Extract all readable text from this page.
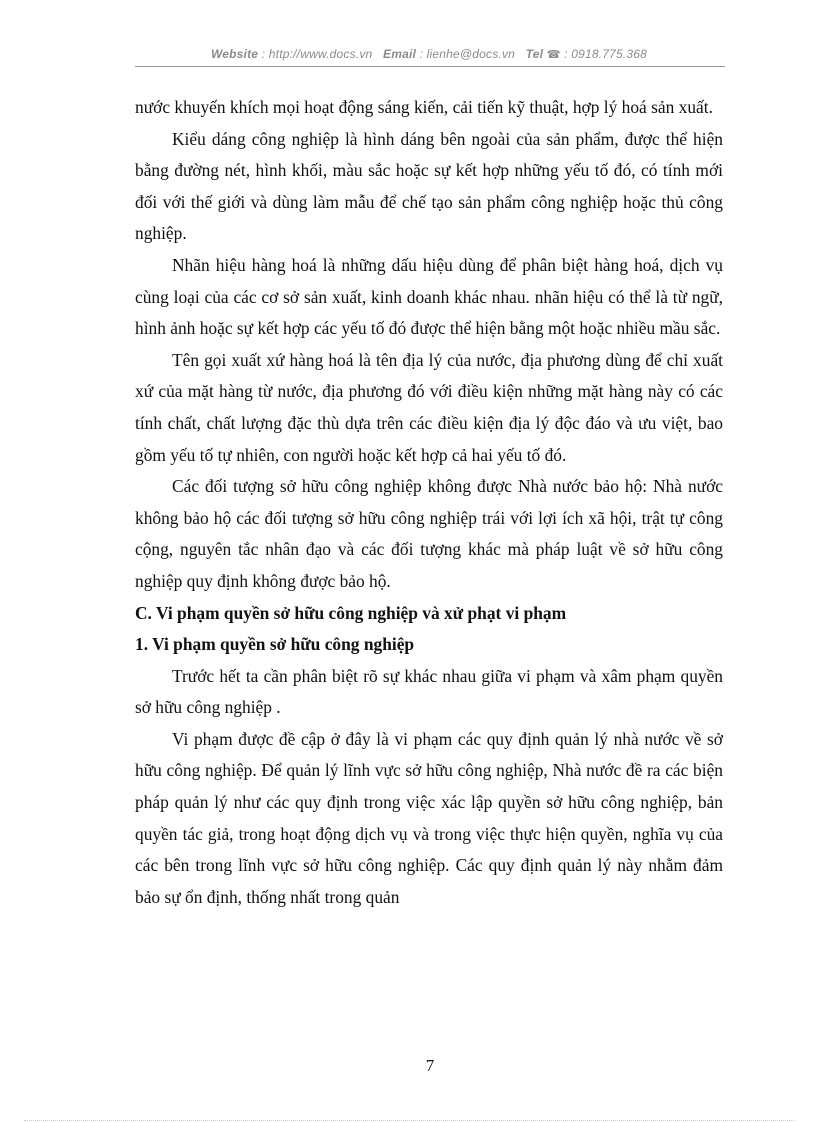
Website : http://www.docs.vn Email : lienhe@docs.vn Tel ☎ : 0918.775.368

nước khuyến khích mọi hoạt động sáng kiến, cải tiến kỹ thuật, hợp lý hoá sản xuất.

Kiểu dáng công nghiệp là hình dáng bên ngoài của sản phẩm, được thể hiện bằng đường nét, hình khối, màu sắc hoặc sự kết hợp những yếu tố đó, có tính mới đối với thế giới và dùng làm mẫu để chế tạo sản phẩm công nghiệp hoặc thủ công nghiệp.

Nhãn hiệu hàng hoá là những dấu hiệu dùng để phân biệt hàng hoá, dịch vụ cùng loại của các cơ sở sản xuất, kinh doanh khác nhau. nhãn hiệu có thể là từ ngữ, hình ảnh hoặc sự kết hợp các yếu tố đó được thể hiện bằng một hoặc nhiều mầu sắc.

Tên gọi xuất xứ hàng hoá là tên địa lý của nước, địa phương dùng để chỉ xuất xứ của mặt hàng từ nước, địa phương đó với điều kiện những mặt hàng này có các tính chất, chất lượng đặc thù dựa trên các điều kiện địa lý độc đáo và ưu việt, bao gồm yếu tố tự nhiên, con người hoặc kết hợp cả hai yếu tố đó.

Các đối tượng sở hữu công nghiệp không được Nhà nước bảo hộ: Nhà nước không bảo hộ các đối tượng sở hữu công nghiệp trái với lợi ích xã hội, trật tự công cộng, nguyên tắc nhân đạo và các đối tượng khác mà pháp luật về sở hữu công nghiệp quy định không được bảo hộ.

C. Vi phạm quyền sở hữu công nghiệp và xử phạt vi phạm

1. Vi phạm quyền sở hữu công nghiệp

Trước hết ta cần phân biệt rõ sự khác nhau giữa vi phạm và xâm phạm quyền sở hữu công nghiệp .

Vi phạm được đề cập ở đây là vi phạm các quy định quản lý nhà nước về sở hữu công nghiệp. Để quản lý lĩnh vực sở hữu công nghiệp, Nhà nước đề ra các biện pháp quản lý như các quy định trong việc xác lập quyền sở hữu công nghiệp, bản quyền tác giả, trong hoạt động dịch vụ và trong việc thực hiện quyền, nghĩa vụ của các bên trong lĩnh vực sở hữu công nghiệp. Các quy định quản lý này nhằm đảm bảo sự ổn định, thống nhất trong quản

7
